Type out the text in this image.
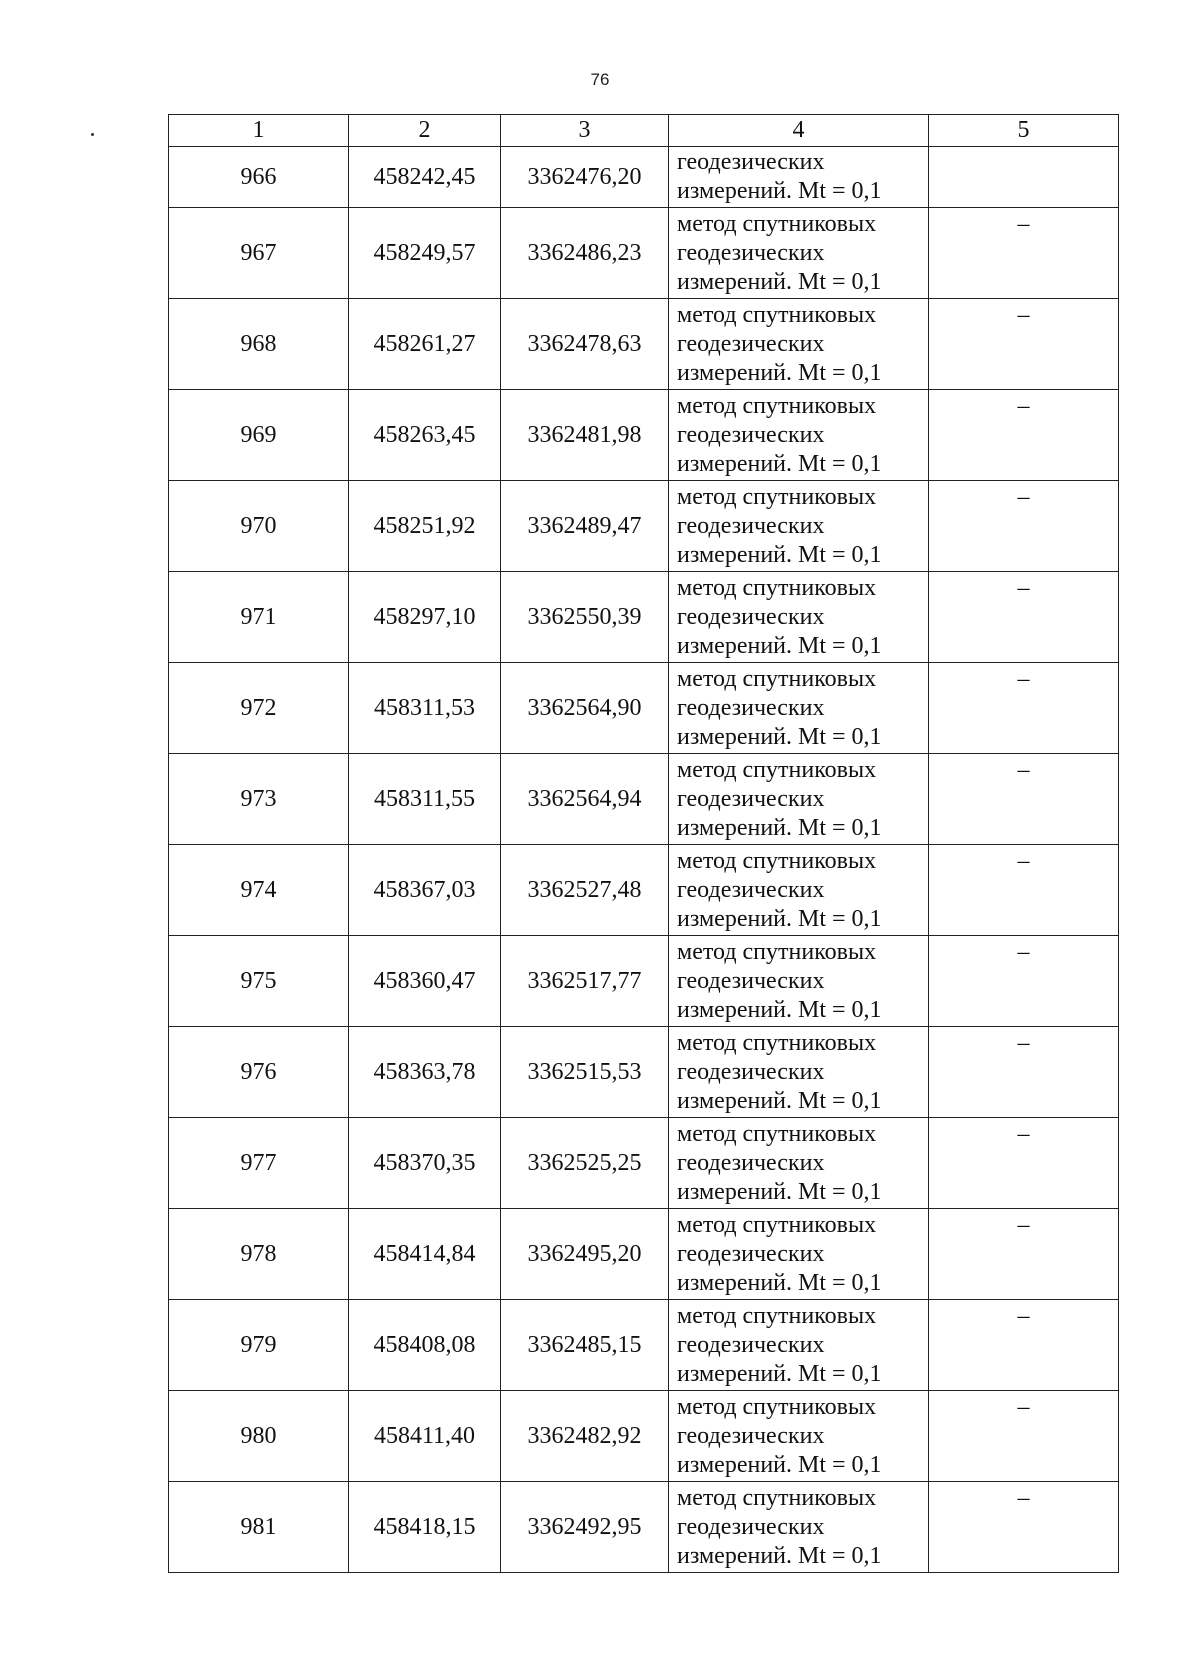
76
1	2	3	4	5
966	458242,45	3362476,20	геодезических
измерений. Mt = 0,1	

967	458249,57	3362486,23	метод спутниковых
геодезических
измерений. Mt = 0,1	–
968	458261,27	3362478,63	метод спутниковых
геодезических
измерений. Mt = 0,1	–
969	458263,45	3362481,98	метод спутниковых
геодезических
измерений. Mt = 0,1	–
970	458251,92	3362489,47	метод спутниковых
геодезических
измерений. Mt = 0,1	–
971	458297,10	3362550,39	метод спутниковых
геодезических
измерений. Mt = 0,1	–
972	458311,53	3362564,90	метод спутниковых
геодезических
измерений. Mt = 0,1	–
973	458311,55	3362564,94	метод спутниковых
геодезических
измерений. Mt = 0,1	–
974	458367,03	3362527,48	метод спутниковых
геодезических
измерений. Mt = 0,1	–
975	458360,47	3362517,77	метод спутниковых
геодезических
измерений. Mt = 0,1	–
976	458363,78	3362515,53	метод спутниковых
геодезических
измерений. Mt = 0,1	–
977	458370,35	3362525,25	метод спутниковых
геодезических
измерений. Mt = 0,1	–
978	458414,84	3362495,20	метод спутниковых
геодезических
измерений. Mt = 0,1	–
979	458408,08	3362485,15	метод спутниковых
геодезических
измерений. Mt = 0,1	–
980	458411,40	3362482,92	метод спутниковых
геодезических
измерений. Mt = 0,1	–
981	458418,15	3362492,95	метод спутниковых
геодезических
измерений. Mt = 0,1	–
